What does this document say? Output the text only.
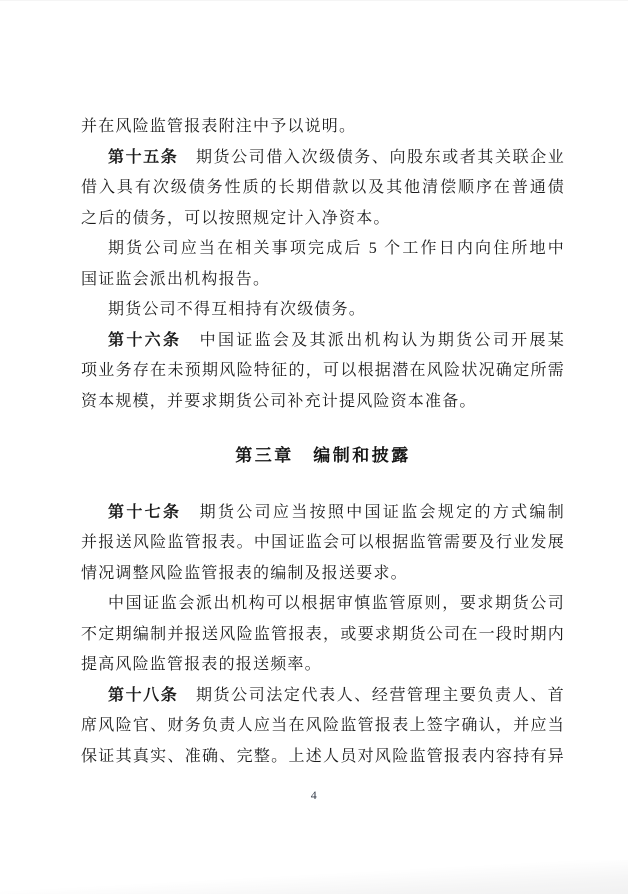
并在风险监管报表附注中予以说明。
第十五条　期货公司借入次级债务、向股东或者其关联企业
借入具有次级债务性质的长期借款以及其他清偿顺序在普通债
之后的债务，可以按照规定计入净资本。
期货公司应当在相关事项完成后 5 个工作日内向住所地中
国证监会派出机构报告。
期货公司不得互相持有次级债务。
第十六条　中国证监会及其派出机构认为期货公司开展某
项业务存在未预期风险特征的，可以根据潜在风险状况确定所需
资本规模，并要求期货公司补充计提风险资本准备。
第三章　编制和披露
第十七条　期货公司应当按照中国证监会规定的方式编制
并报送风险监管报表。中国证监会可以根据监管需要及行业发展
情况调整风险监管报表的编制及报送要求。
中国证监会派出机构可以根据审慎监管原则，要求期货公司
不定期编制并报送风险监管报表，或要求期货公司在一段时期内
提高风险监管报表的报送频率。
第十八条　期货公司法定代表人、经营管理主要负责人、首
席风险官、财务负责人应当在风险监管报表上签字确认，并应当
保证其真实、准确、完整。上述人员对风险监管报表内容持有异
4
